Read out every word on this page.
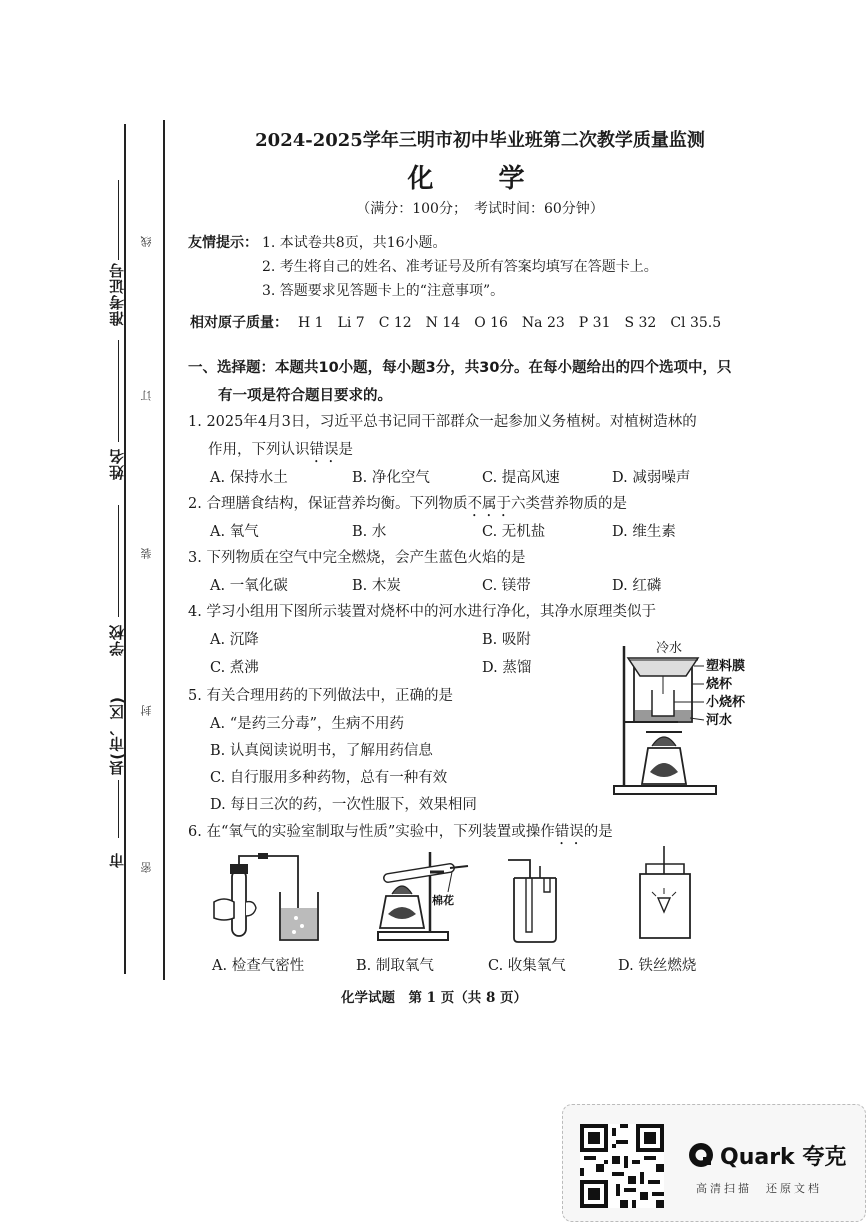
准考证号
姓名
学校
县(市、区)
市
线
订
装
封
密
2024-2025学年三明市初中毕业班第二次教学质量监测
化 学
（满分：100分；　考试时间：60分钟）
友情提示： 1. 本试卷共8页，共16小题。
2. 考生将自己的姓名、准考证号及所有答案均填写在答题卡上。
3. 答题要求见答题卡上的“注意事项”。
相对原子质量： H 1　Li 7　C 12　N 14　O 16　Na 23　P 31　S 32　Cl 35.5
一、选择题：本题共10小题，每小题3分，共30分。在每小题给出的四个选项中，只
有一项是符合题目要求的。
1. 2025年4月3日，习近平总书记同干部群众一起参加义务植树。对植树造林的
作用，下列认识错误是
A. 保持水土	B. 净化空气	C. 提高风速	D. 减弱噪声
2. 合理膳食结构，保证营养均衡。下列物质不属于六类营养物质的是
A. 氧气	B. 水	C. 无机盐	D. 维生素
3. 下列物质在空气中完全燃烧，会产生蓝色火焰的是
A. 一氧化碳	B. 木炭	C. 镁带	D. 红磷
4. 学习小组用下图所示装置对烧杯中的河水进行净化，其净水原理类似于
A. 沉降	B. 吸附
C. 煮沸	D. 蒸馏
冷水
塑料膜
烧杯
小烧杯
河水
5. 有关合理用药的下列做法中，正确的是
A. “是药三分毒”，生病不用药
B. 认真阅读说明书，了解用药信息
C. 自行服用多种药物，总有一种有效
D. 每日三次的药，一次性服下，效果相同
6. 在“氧气的实验室制取与性质”实验中，下列装置或操作错误的是
棉花
A. 检查气密性	B. 制取氧气	C. 收集氧气	D. 铁丝燃烧
化学试题　第 1 页（共 8 页）
Quark 夸克
高清扫描　还原文档
